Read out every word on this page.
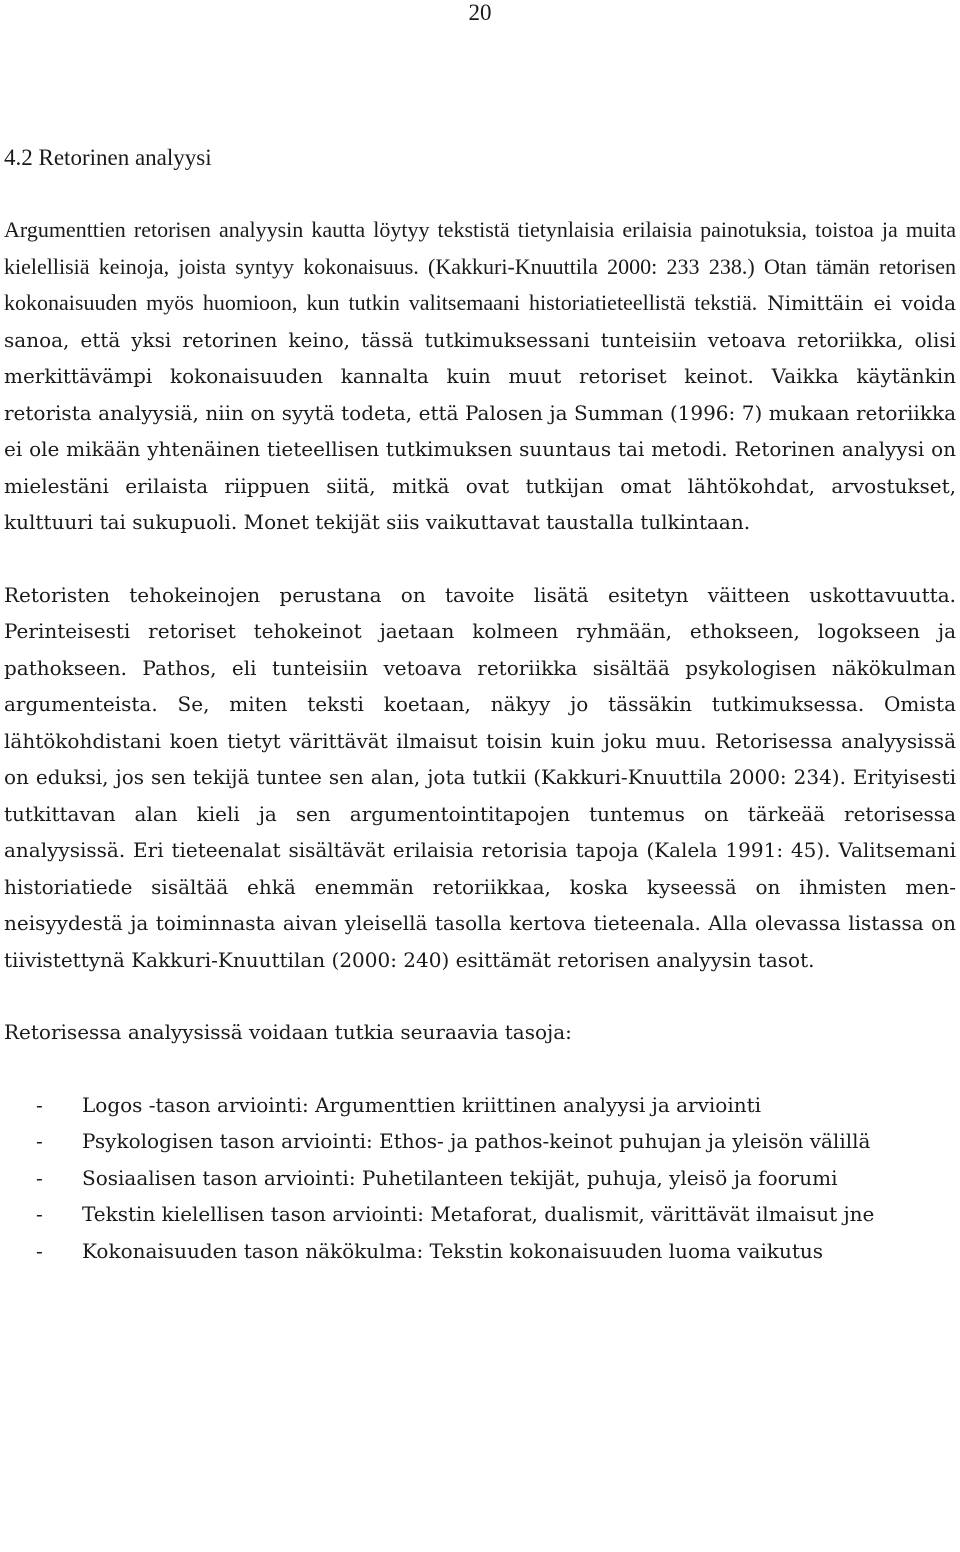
20

4.2 Retorinen analyysi

Argumenttien retorisen analyysin kautta löytyy tekstistä tietynlaisia erilaisia painotuksia, toistoa ja muita kielellisiä keinoja, joista syntyy kokonaisuus. (Kakkuri-Knuuttila 2000: 233 238.) Otan tämän retorisen kokonaisuuden myös huomioon, kun tutkin valitsemaani historiatieteellistä tekstiä. Nimittäin ei voida sanoa, että yksi retorinen keino, tässä tutkimuksessani tunteisiin vetoava retoriikka, olisi merkittävämpi kokonaisuuden kannalta kuin muut retoriset keinot. Vaikka käytänkin retorista analyysiä, niin on syytä todeta, että Palosen ja Summan (1996: 7) mukaan retoriikka ei ole mikään yhtenäinen tieteellisen tutkimuksen suuntaus tai metodi. Retorinen analyysi on mielestäni erilaista riippuen siitä, mitkä ovat tutkijan omat lähtökohdat, arvostukset, kulttuuri tai sukupuoli. Monet tekijät siis vaikuttavat taustalla tulkintaan.

Retoristen tehokeinojen perustana on tavoite lisätä esitetyn väitteen uskottavuutta. Perinteisesti retoriset tehokeinot jaetaan kolmeen ryhmään, ethokseen, logokseen ja pathokseen. Pathos, eli tunteisiin vetoava retoriikka sisältää psykologisen näkökulman argumenteista. Se, miten teksti koetaan, näkyy jo tässäkin tutkimuksessa. Omista lähtökohdistani koen tietyt värittävät ilmaisut toisin kuin joku muu. Retorisessa analyysissä on eduksi, jos sen tekijä tuntee sen alan, jota tutkii (Kakkuri-Knuuttila 2000: 234). Erityisesti tutkittavan alan kieli ja sen argumentointitapojen tuntemus on tärkeää retorisessa analyysissä. Eri tieteenalat sisältävät erilaisia retorisia tapoja (Kalela 1991: 45). Valitsemani historiatiede sisältää ehkä enemmän retoriikkaa, koska kyseessä on ihmisten menneisyydestä ja toiminnasta aivan yleisellä tasolla kertova tieteenala. Alla olevassa listassa on tiivistettynä Kakkuri-Knuuttilan (2000: 240) esittämät retorisen analyysin tasot.

Retorisessa analyysissä voidaan tutkia seuraavia tasoja:

- Logos -tason arviointi: Argumenttien kriittinen analyysi ja arviointi
- Psykologisen tason arviointi: Ethos- ja pathos-keinot puhujan ja yleisön välillä
- Sosiaalisen tason arviointi: Puhetilanteen tekijät, puhuja, yleisö ja foorumi
- Tekstin kielellisen tason arviointi: Metaforat, dualismit, värittävät ilmaisut jne
- Kokonaisuuden tason näkökulma: Tekstin kokonaisuuden luoma vaikutus
